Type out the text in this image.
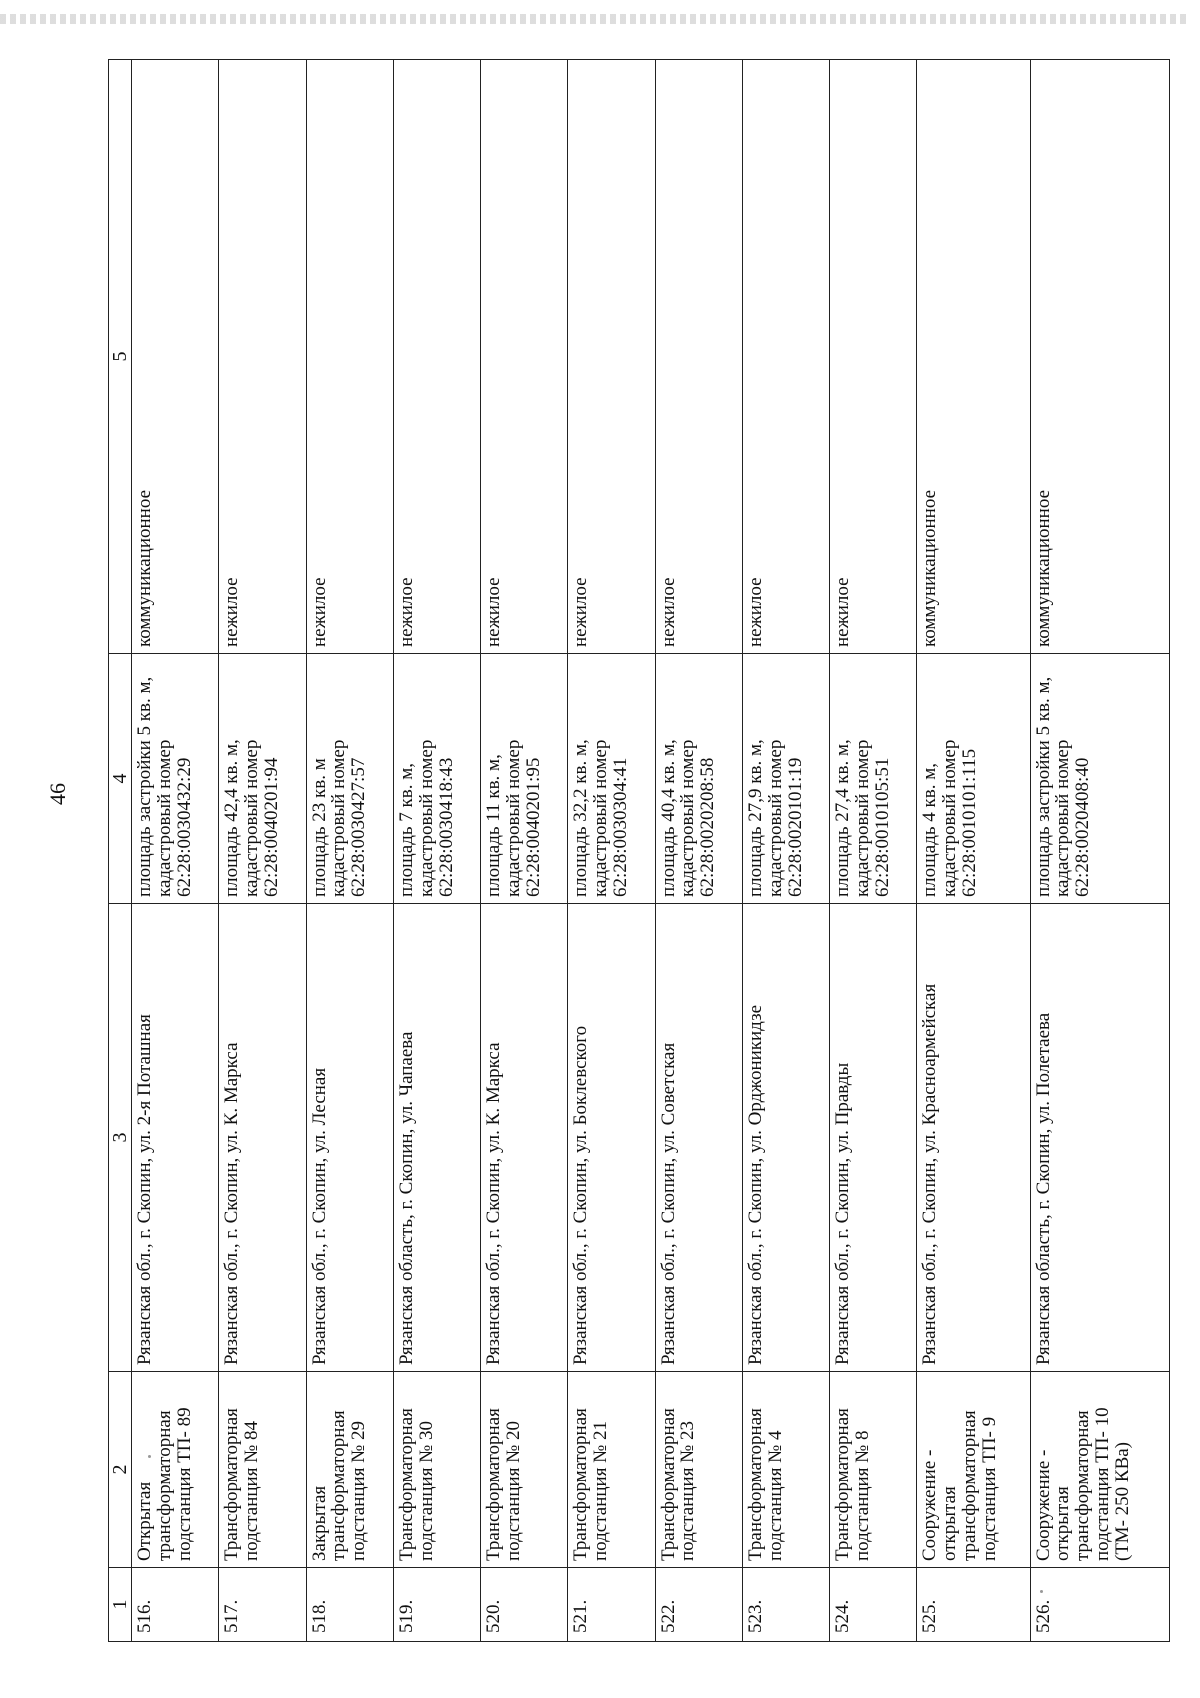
46
1	2	3	4	5
516.	Открытая трансформаторная подстанция ТП- 89	Рязанская обл., г. Скопин, ул. 2-я Поташная	площадь застройки 5 кв. м, кадастровый номер 62:28:0030432:29	коммуникационное
517.	Трансформаторная подстанция № 84	Рязанская обл., г. Скопин, ул. К. Маркса	площадь 42,4 кв. м, кадастровый номер 62:28:0040201:94	нежилое
518.	Закрытая трансформаторная подстанция № 29	Рязанская обл., г. Скопин, ул. Лесная	площадь 23 кв. м кадастровый номер 62:28:0030427:57	нежилое
519.	Трансформаторная подстанция № 30	Рязанская область, г. Скопин, ул. Чапаева	площадь 7 кв. м, кадастровый номер 62:28:0030418:43	нежилое
520.	Трансформаторная подстанция № 20	Рязанская обл., г. Скопин, ул. К. Маркса	площадь 11 кв. м, кадастровый номер 62:28:0040201:95	нежилое
521.	Трансформаторная подстанция № 21	Рязанская обл., г. Скопин, ул. Боклевского	площадь 32,2 кв. м, кадастровый номер 62:28:0030304:41	нежилое
522.	Трансформаторная подстанция № 23	Рязанская обл., г. Скопин, ул. Советская	площадь 40,4 кв. м, кадастровый номер 62:28:0020208:58	нежилое
523.	Трансформаторная подстанция № 4	Рязанская обл., г. Скопин, ул. Орджоникидзе	площадь 27,9 кв. м, кадастровый номер 62:28:0020101:19	нежилое
524.	Трансформаторная подстанция № 8	Рязанская обл., г. Скопин, ул. Правды	площадь 27,4 кв. м, кадастровый номер 62:28:0010105:51	нежилое
525.	Сооружение - открытая трансформаторная подстанция ТП- 9	Рязанская обл., г. Скопин, ул. Красноармейская	площадь 4 кв. м, кадастровый номер 62:28:0010101:115	коммуникационное
526.	Сооружение - открытая трансформаторная подстанция ТП- 10 (ТМ- 250 КВа)	Рязанская область, г. Скопин, ул. Полетаева	площадь застройки 5 кв. м, кадастровый номер 62:28:0020408:40	коммуникационное
